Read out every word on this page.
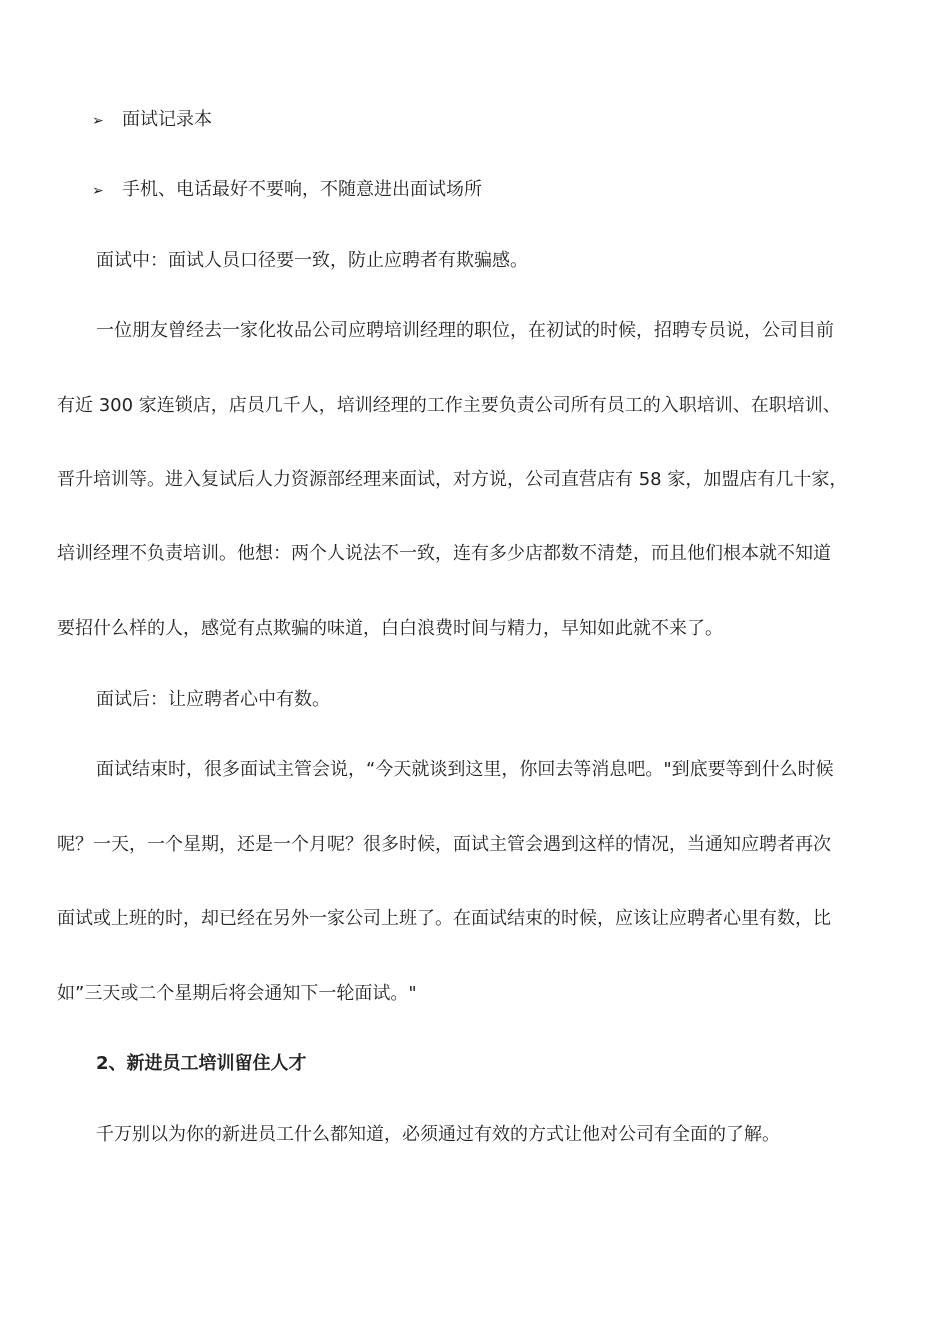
➢ 面试记录本
➢ 手机、电话最好不要响，不随意进出面试场所
面试中：面试人员口径要一致，防止应聘者有欺骗感。
一位朋友曾经去一家化妆品公司应聘培训经理的职位，在初试的时候，招聘专员说，公司目前
有近 300 家连锁店，店员几千人，培训经理的工作主要负责公司所有员工的入职培训、在职培训、
晋升培训等。进入复试后人力资源部经理来面试，对方说，公司直营店有 58 家，加盟店有几十家，
培训经理不负责培训。他想：两个人说法不一致，连有多少店都数不清楚，而且他们根本就不知道
要招什么样的人，感觉有点欺骗的味道，白白浪费时间与精力，早知如此就不来了。
面试后：让应聘者心中有数。
面试结束时，很多面试主管会说，“今天就谈到这里，你回去等消息吧。"到底要等到什么时候
呢？一天，一个星期，还是一个月呢？很多时候，面试主管会遇到这样的情况，当通知应聘者再次
面试或上班的时，却已经在另外一家公司上班了。在面试结束的时候，应该让应聘者心里有数，比
如”三天或二个星期后将会通知下一轮面试。"
2、新进员工培训留住人才
千万别以为你的新进员工什么都知道，必须通过有效的方式让他对公司有全面的了解。
